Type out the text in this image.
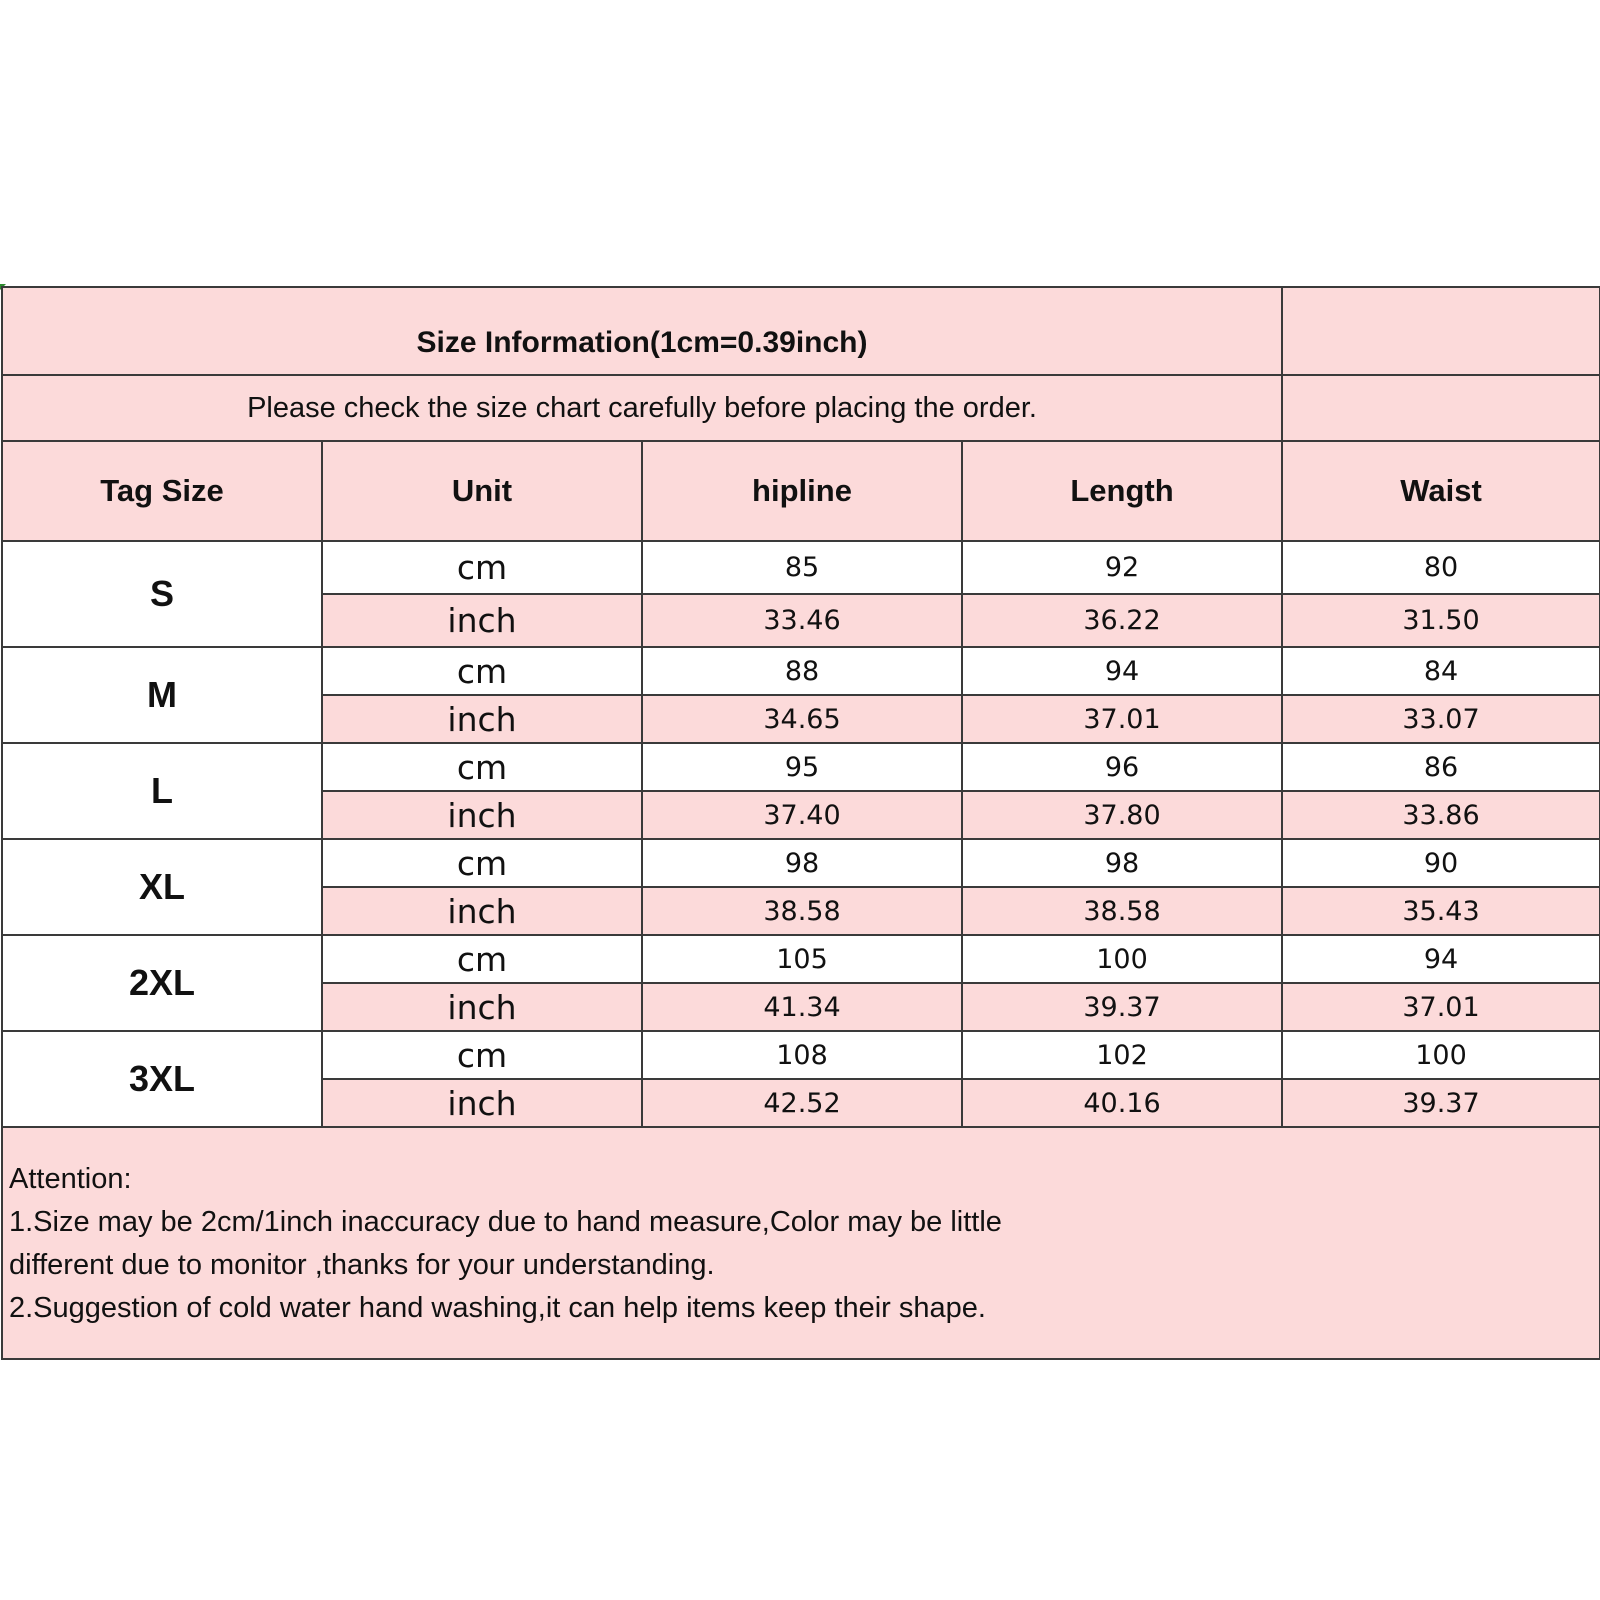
Size Information(1cm=0.39inch)				
Please check the size chart carefully before placing the order.				
Tag Size	Unit	hipline	Length	Waist
S	cm	85	92	80
	inch	33.46	36.22	31.50
M	cm	88	94	84
	inch	34.65	37.01	33.07
L	cm	95	96	86
	inch	37.40	37.80	33.86
XL	cm	98	98	90
	inch	38.58	38.58	35.43
2XL	cm	105	100	94
	inch	41.34	39.37	37.01
3XL	cm	108	102	100
	inch	42.52	40.16	39.37

Attention:
1.Size may be 2cm/1inch inaccuracy due to hand measure,Color may be little
different due to monitor ,thanks for your understanding.
2.Suggestion of cold water hand washing,it can help items keep their shape.				
